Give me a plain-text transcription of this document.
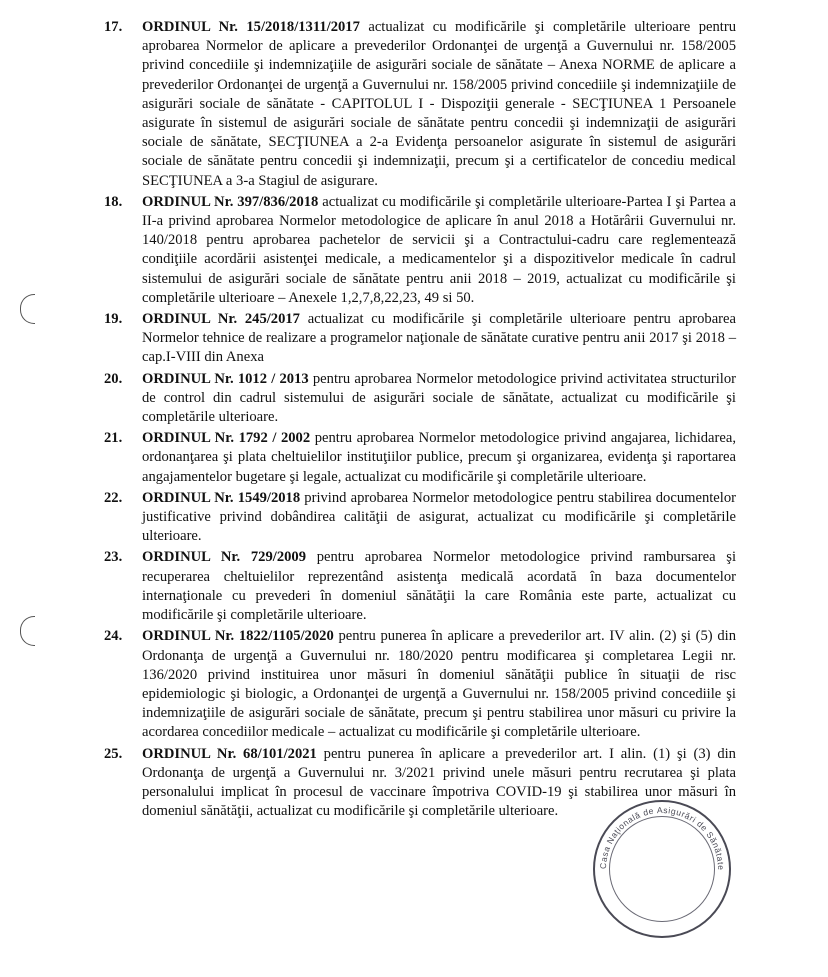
17. ORDINUL Nr. 15/2018/1311/2017 actualizat cu modificările şi completările ulterioare pentru aprobarea Normelor de aplicare a prevederilor Ordonanţei de urgenţă a Guvernului nr. 158/2005 privind concediile şi indemnizaţiile de asigurări sociale de sănătate – Anexa NORME de aplicare a prevederilor Ordonanţei de urgenţă a Guvernului nr. 158/2005 privind concediile şi indemnizaţiile de asigurări sociale de sănătate - CAPITOLUL I - Dispoziţii generale - SECŢIUNEA 1 Persoanele asigurate în sistemul de asigurări sociale de sănătate pentru concedii şi indemnizaţii de asigurări sociale de sănătate, SECŢIUNEA a 2-a Evidenţa persoanelor asigurate în sistemul de asigurări sociale de sănătate pentru concedii şi indemnizaţii, precum şi a certificatelor de concediu medical SECŢIUNEA a 3-a Stagiul de asigurare.
18. ORDINUL Nr. 397/836/2018 actualizat cu modificările şi completările ulterioare-Partea I şi Partea a II-a privind aprobarea Normelor metodologice de aplicare în anul 2018 a Hotărârii Guvernului nr. 140/2018 pentru aprobarea pachetelor de servicii şi a Contractului-cadru care reglementează condiţiile acordării asistenţei medicale, a medicamentelor şi a dispozitivelor medicale în cadrul sistemului de asigurări sociale de sănătate pentru anii 2018 – 2019, actualizat cu modificările şi completările ulterioare – Anexele 1,2,7,8,22,23, 49 si 50.
19. ORDINUL Nr. 245/2017 actualizat cu modificările şi completările ulterioare pentru aprobarea Normelor tehnice de realizare a programelor naţionale de sănătate curative pentru anii 2017 şi 2018 – cap.I-VIII din Anexa
20. ORDINUL Nr. 1012 / 2013 pentru aprobarea Normelor metodologice privind activitatea structurilor de control din cadrul sistemului de asigurări sociale de sănătate, actualizat cu modificările şi completările ulterioare.
21. ORDINUL Nr. 1792 / 2002 pentru aprobarea Normelor metodologice privind angajarea, lichidarea, ordonanţarea şi plata cheltuielilor instituţiilor publice, precum şi organizarea, evidenţa şi raportarea angajamentelor bugetare şi legale, actualizat cu modificările şi completările ulterioare.
22. ORDINUL Nr. 1549/2018 privind aprobarea Normelor metodologice pentru stabilirea documentelor justificative privind dobândirea calităţii de asigurat, actualizat cu modificările şi completările ulterioare.
23. ORDINUL Nr. 729/2009 pentru aprobarea Normelor metodologice privind rambursarea şi recuperarea cheltuielilor reprezentând asistenţa medicală acordată în baza documentelor internaţionale cu prevederi în domeniul sănătăţii la care România este parte, actualizat cu modificările şi completările ulterioare.
24. ORDINUL Nr. 1822/1105/2020 pentru punerea în aplicare a prevederilor art. IV alin. (2) şi (5) din Ordonanţa de urgenţă a Guvernului nr. 180/2020 pentru modificarea şi completarea Legii nr. 136/2020 privind instituirea unor măsuri în domeniul sănătăţii publice în situaţii de risc epidemiologic şi biologic, a Ordonanţei de urgenţă a Guvernului nr. 158/2005 privind concediile şi indemnizaţiile de asigurări sociale de sănătate, precum şi pentru stabilirea unor măsuri cu privire la acordarea concediilor medicale – actualizat cu modificările şi completările ulterioare.
25. ORDINUL Nr. 68/101/2021 pentru punerea în aplicare a prevederilor art. I alin. (1) şi (3) din Ordonanţa de urgenţă a Guvernului nr. 3/2021 privind unele măsuri pentru recrutarea şi plata personalului implicat în procesul de vaccinare împotriva COVID-19 şi stabilirea unor măsuri în domeniul sănătăţii, actualizat cu modificările şi completările ulterioare.
Casa Naţională de Asigurări de Sănătate
